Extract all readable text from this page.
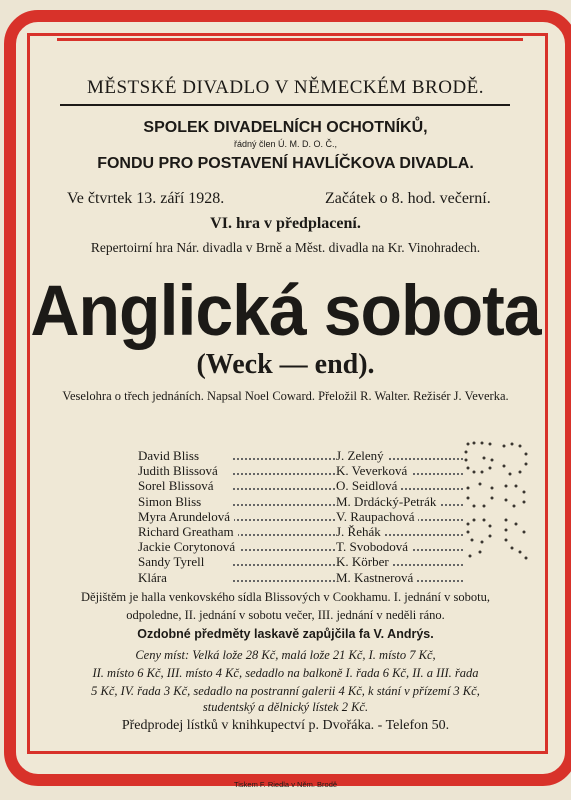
MĚSTSKÉ DIVADLO V NĚMECKÉM BRODĚ.
SPOLEK DIVADELNÍCH OCHOTNÍKŮ,
řádný člen Ú. M. D. O. Č.,
FONDU PRO POSTAVENÍ HAVLÍČKOVA DIVADLA.
Ve čtvrtek 13. září 1928.	Začátek o 8. hod. večerní.
VI. hra v předplacení.
Repertoirní hra Nár. divadla v Brně a Měst. divadla na Kr. Vinohradech.
Anglická sobota
(Weck — end).
Veselohra o třech jednáních. Napsal Noel Coward. Přeložil R. Walter. Režisér J. Veverka.
David Bliss	J. Zelený
Judith Blissová	K. Veverková
Sorel Blissová	O. Seidlová
Simon Bliss	M. Drdácký-Petrák
Myra Arundelová	V. Raupachová
Richard Greatham	J. Řehák
Jackie Corytonová	T. Svobodová
Sandy Tyrell	K. Körber
Klára	M. Kastnerová
Dějištěm je halla venkovského sídla Blissových v Cookhamu. I. jednání v sobotu,
odpoledne, II. jednání v sobotu večer, III. jednání v neděli ráno.
Ozdobné předměty laskavě zapůjčila fa V. Andrýs.
Ceny míst: Velká lože 28 Kč, malá lože 21 Kč, I. místo 7 Kč,
II. místo 6 Kč, III. místo 4 Kč, sedadlo na balkoně I. řada 6 Kč, II. a III. řada
5 Kč, IV. řada 3 Kč, sedadlo na postranní galerii 4 Kč, k stání v přízemí 3 Kč,
studentský a dělnický lístek 2 Kč.
Předprodej lístků v knihkupectví p. Dvořáka. - Telefon 50.
Tiskem F. Riedla v Něm. Brodě
